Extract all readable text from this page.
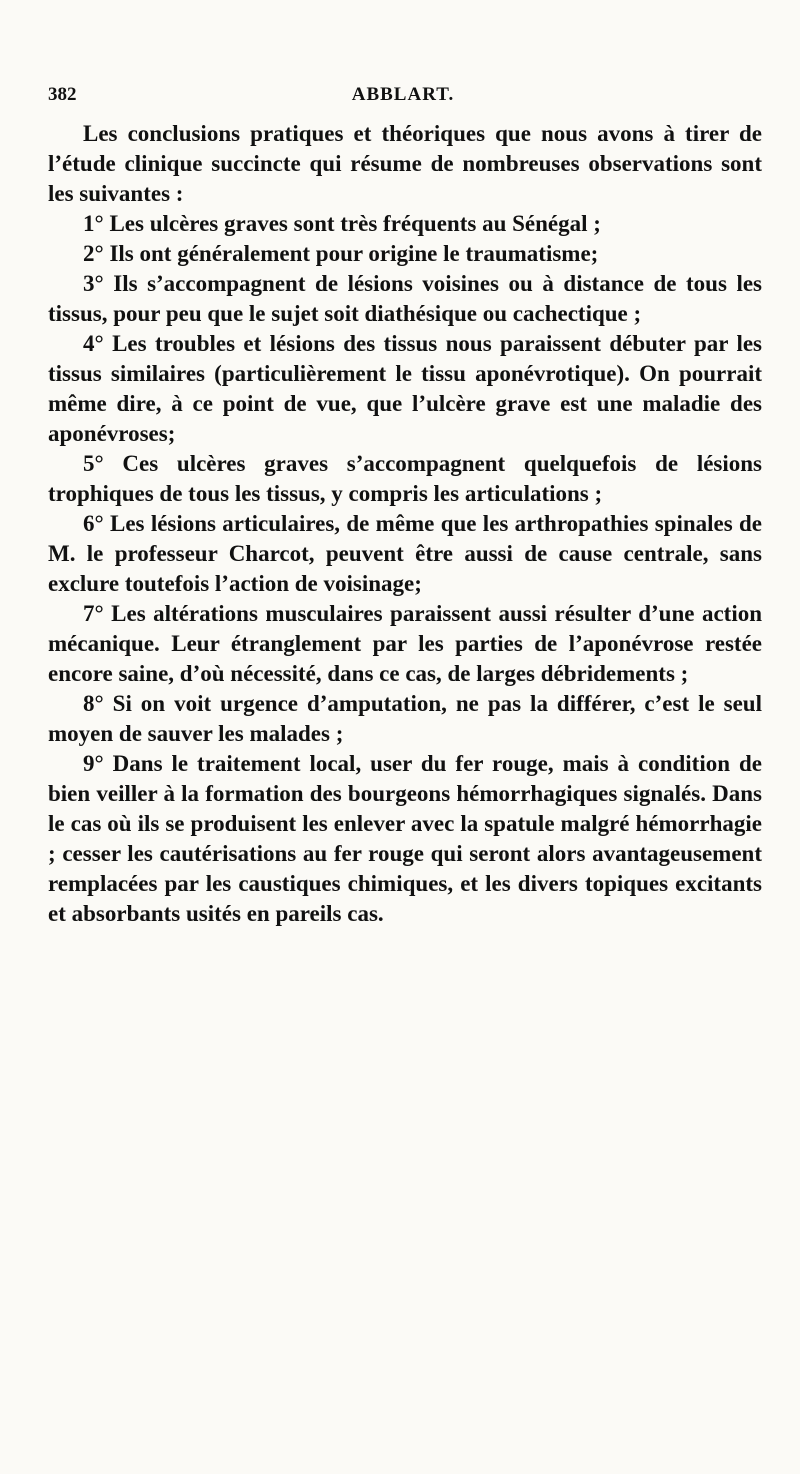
382	ABBLART.

Les conclusions pratiques et théoriques que nous avons à tirer de l’étude clinique succincte qui résume de nombreuses observations sont les suivantes :

1° Les ulcères graves sont très fréquents au Sénégal ;

2° Ils ont généralement pour origine le traumatisme;

3° Ils s’accompagnent de lésions voisines ou à distance de tous les tissus, pour peu que le sujet soit diathésique ou cachectique ;

4° Les troubles et lésions des tissus nous paraissent débuter par les tissus similaires (particulièrement le tissu aponévrotique). On pourrait même dire, à ce point de vue, que l’ulcère grave est une maladie des aponévroses;

5° Ces ulcères graves s’accompagnent quelquefois de lésions trophiques de tous les tissus, y compris les articulations ;

6° Les lésions articulaires, de même que les arthropathies spinales de M. le professeur Charcot, peuvent être aussi de cause centrale, sans exclure toutefois l’action de voisinage;

7° Les altérations musculaires paraissent aussi résulter d’une action mécanique. Leur étranglement par les parties de l’aponévrose restée encore saine, d’où nécessité, dans ce cas, de larges débridements ;

8° Si on voit urgence d’amputation, ne pas la différer, c’est le seul moyen de sauver les malades ;

9° Dans le traitement local, user du fer rouge, mais à condition de bien veiller à la formation des bourgeons hémorrhagiques signalés. Dans le cas où ils se produisent les enlever avec la spatule malgré hémorrhagie ; cesser les cautérisations au fer rouge qui seront alors avantageusement remplacées par les caustiques chimiques, et les divers topiques excitants et absorbants usités en pareils cas.
